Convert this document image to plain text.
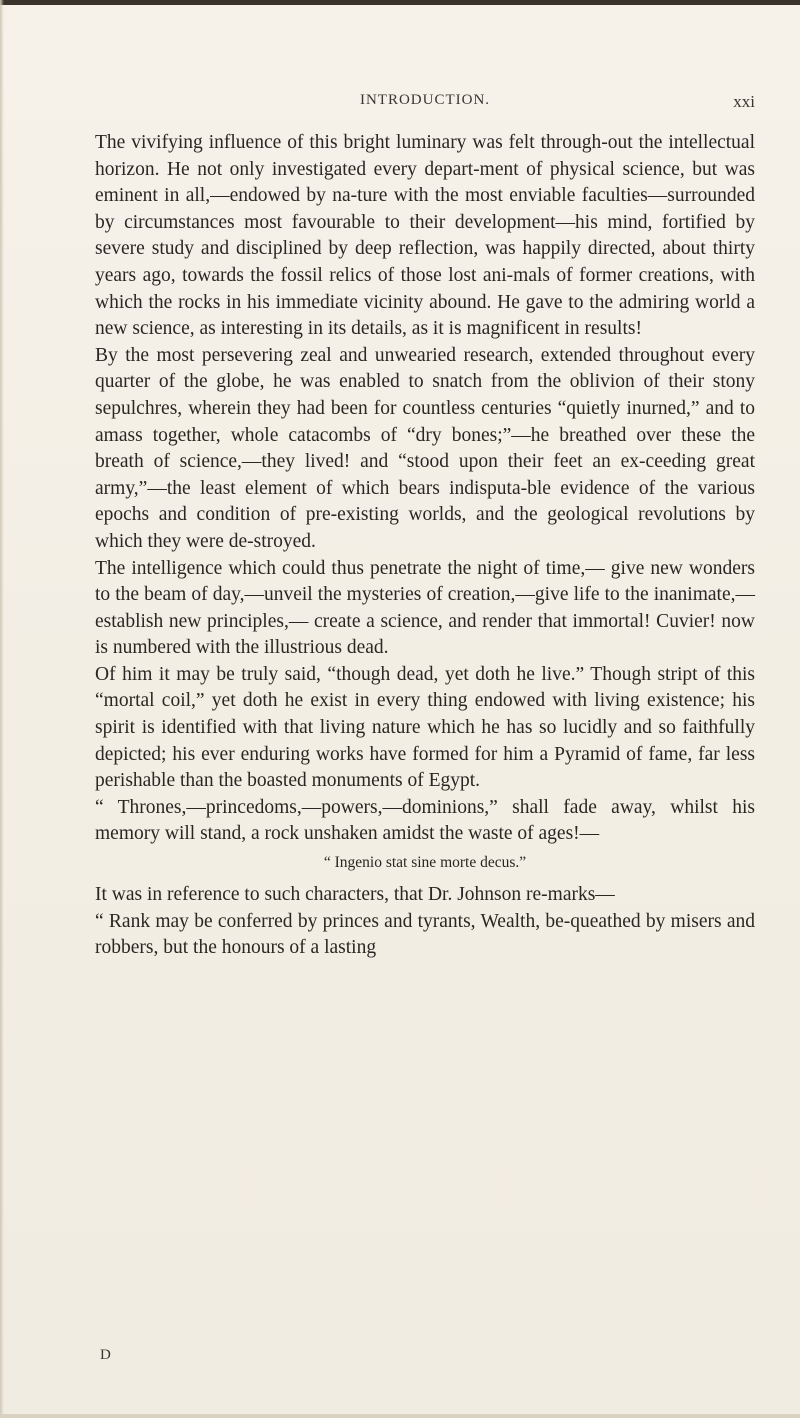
INTRODUCTION.	xxi

The vivifying influence of this bright luminary was felt through-out the intellectual horizon. He not only investigated every depart-ment of physical science, but was eminent in all,—endowed by na-ture with the most enviable faculties—surrounded by circumstances most favourable to their development—his mind, fortified by severe study and disciplined by deep reflection, was happily directed, about thirty years ago, towards the fossil relics of those lost ani-mals of former creations, with which the rocks in his immediate vicinity abound. He gave to the admiring world a new science, as interesting in its details, as it is magnificent in results!

By the most persevering zeal and unwearied research, extended throughout every quarter of the globe, he was enabled to snatch from the oblivion of their stony sepulchres, wherein they had been for countless centuries “quietly inurned,” and to amass together, whole catacombs of “dry bones;”—he breathed over these the breath of science,—they lived! and “stood upon their feet an ex-ceeding great army,”—the least element of which bears indisputa-ble evidence of the various epochs and condition of pre-existing worlds, and the geological revolutions by which they were de-stroyed.

The intelligence which could thus penetrate the night of time,— give new wonders to the beam of day,—unveil the mysteries of creation,—give life to the inanimate,—establish new principles,— create a science, and render that immortal! Cuvier! now is numbered with the illustrious dead.

Of him it may be truly said, “though dead, yet doth he live.” Though stript of this “mortal coil,” yet doth he exist in every thing endowed with living existence; his spirit is identified with that living nature which he has so lucidly and so faithfully depicted; his ever enduring works have formed for him a Pyramid of fame, far less perishable than the boasted monuments of Egypt.

“ Thrones,—princedoms,—powers,—dominions,” shall fade away, whilst his memory will stand, a rock unshaken amidst the waste of ages!—

“ Ingenio stat sine morte decus.”

It was in reference to such characters, that Dr. Johnson re-marks—

“ Rank may be conferred by princes and tyrants, Wealth, be-queathed by misers and robbers, but the honours of a lasting

D
